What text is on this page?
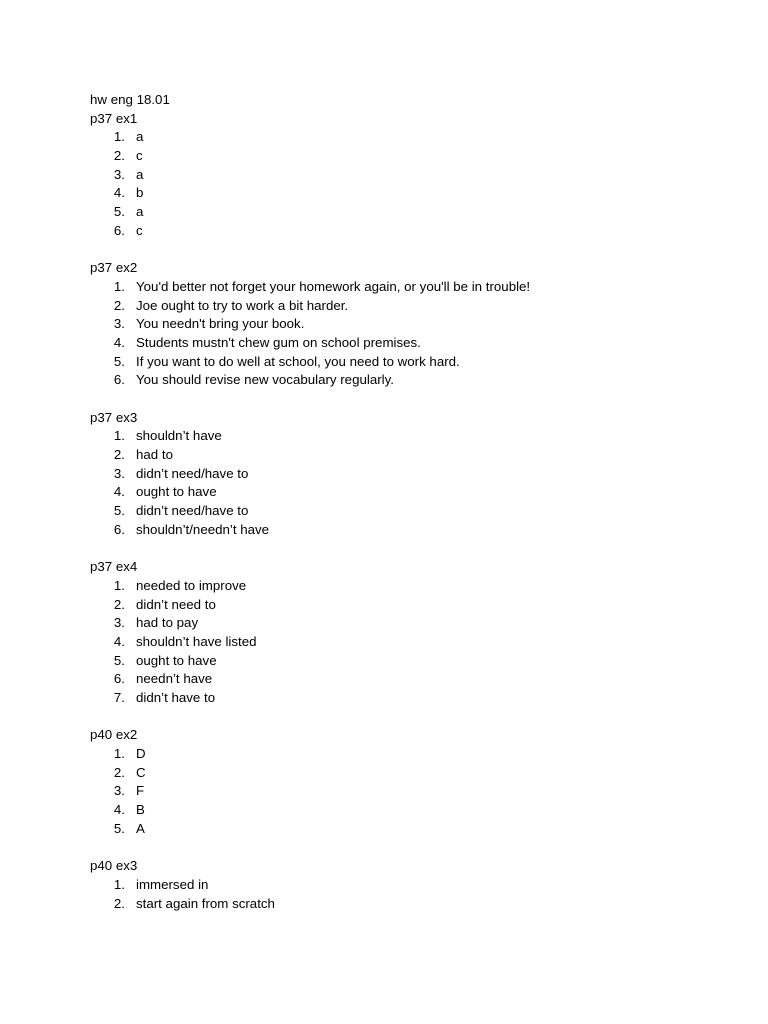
hw eng 18.01
p37 ex1
1. a
2. c
3. a
4. b
5. a
6. c
p37 ex2
1. You'd better not forget your homework again, or you'll be in trouble!
2. Joe ought to try to work a bit harder.
3. You needn't bring your book.
4. Students mustn't chew gum on school premises.
5. If you want to do well at school, you need to work hard.
6. You should revise new vocabulary regularly.
p37 ex3
1. shouldn’t have
2. had to
3. didn’t need/have to
4. ought to have
5. didn’t need/have to
6. shouldn’t/needn’t have
p37 ex4
1. needed to improve
2. didn’t need to
3. had to pay
4. shouldn’t have listed
5. ought to have
6. needn’t have
7. didn’t have to
p40 ex2
1. D
2. C
3. F
4. B
5. A
p40 ex3
1. immersed in
2. start again from scratch
